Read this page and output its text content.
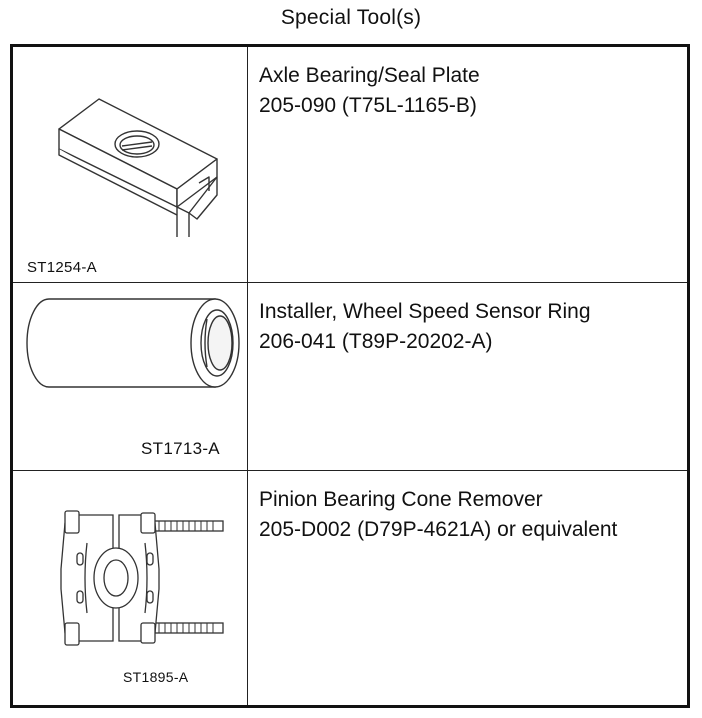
Special Tool(s)
ST1254-A
Axle Bearing/Seal Plate
205-090 (T75L-1165-B)
ST1713-A
Installer, Wheel Speed Sensor Ring
206-041 (T89P-20202-A)
ST1895-A
Pinion Bearing Cone Remover
205-D002 (D79P-4621A) or equivalent
